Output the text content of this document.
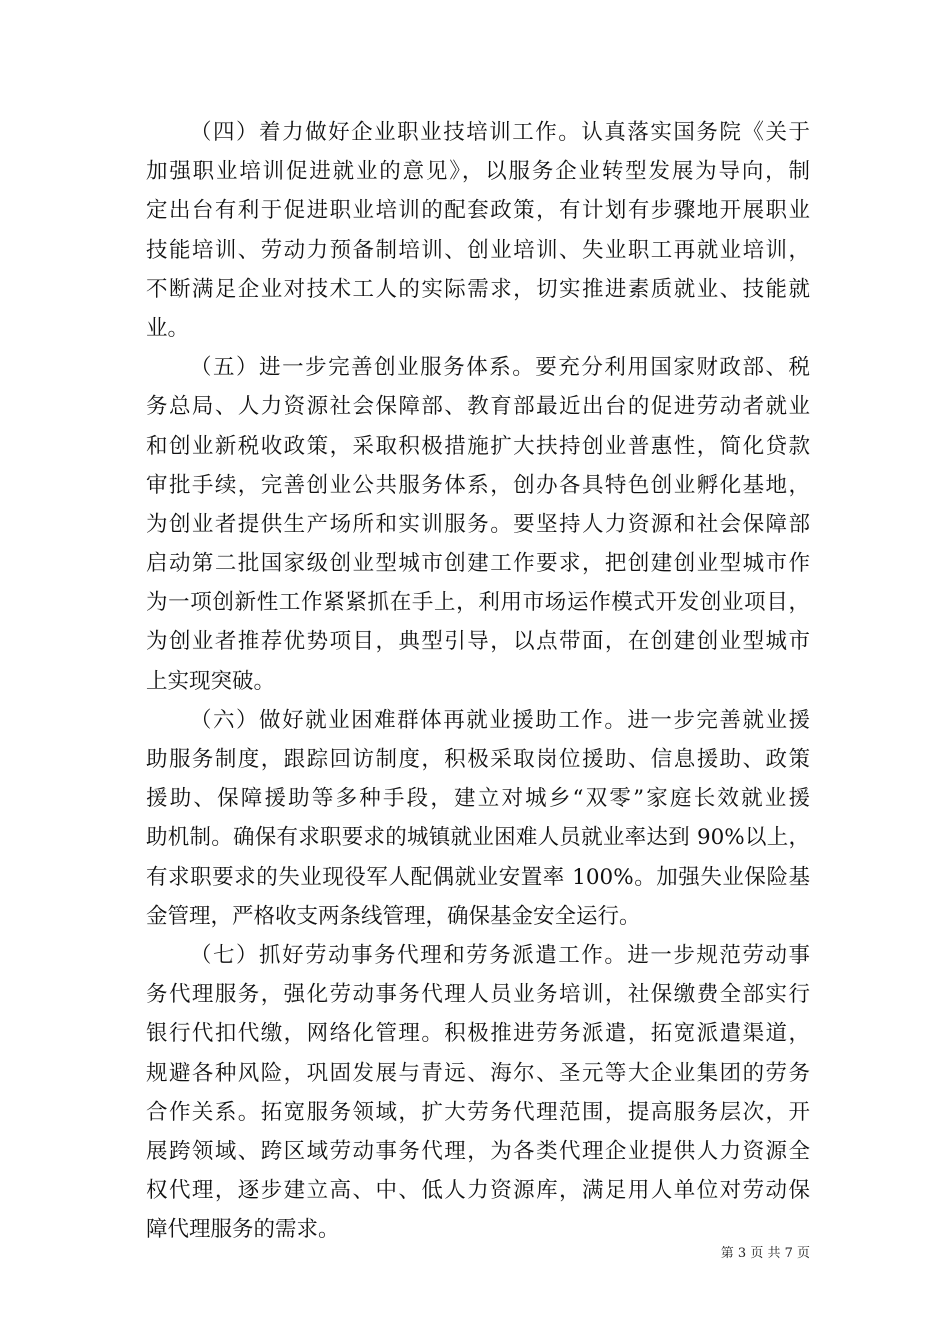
（四）着力做好企业职业技培训工作。认真落实国务院《关于
加强职业培训促进就业的意见》，以服务企业转型发展为导向，制
定出台有利于促进职业培训的配套政策，有计划有步骤地开展职业
技能培训、劳动力预备制培训、创业培训、失业职工再就业培训，
不断满足企业对技术工人的实际需求，切实推进素质就业、技能就
业。
（五）进一步完善创业服务体系。要充分利用国家财政部、税
务总局、人力资源社会保障部、教育部最近出台的促进劳动者就业
和创业新税收政策，采取积极措施扩大扶持创业普惠性，简化贷款
审批手续，完善创业公共服务体系，创办各具特色创业孵化基地，
为创业者提供生产场所和实训服务。要坚持人力资源和社会保障部
启动第二批国家级创业型城市创建工作要求，把创建创业型城市作
为一项创新性工作紧紧抓在手上，利用市场运作模式开发创业项目，
为创业者推荐优势项目，典型引导，以点带面，在创建创业型城市
上实现突破。
（六）做好就业困难群体再就业援助工作。进一步完善就业援
助服务制度，跟踪回访制度，积极采取岗位援助、信息援助、政策
援助、保障援助等多种手段，建立对城乡“双零”家庭长效就业援
助机制。确保有求职要求的城镇就业困难人员就业率达到 90%以上，
有求职要求的失业现役军人配偶就业安置率 100%。加强失业保险基
金管理，严格收支两条线管理，确保基金安全运行。
（七）抓好劳动事务代理和劳务派遣工作。进一步规范劳动事
务代理服务，强化劳动事务代理人员业务培训，社保缴费全部实行
银行代扣代缴，网络化管理。积极推进劳务派遣，拓宽派遣渠道，
规避各种风险，巩固发展与青远、海尔、圣元等大企业集团的劳务
合作关系。拓宽服务领域，扩大劳务代理范围，提高服务层次，开
展跨领域、跨区域劳动事务代理，为各类代理企业提供人力资源全
权代理，逐步建立高、中、低人力资源库，满足用人单位对劳动保
障代理服务的需求。
第 3 页 共 7 页
